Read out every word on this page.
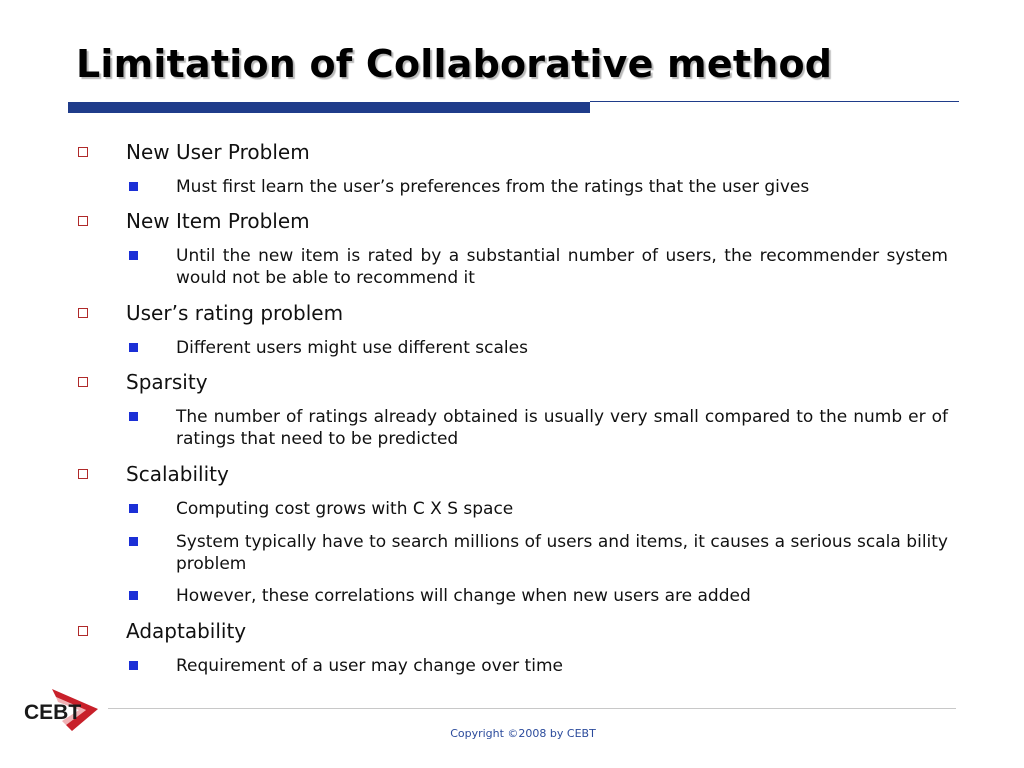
Limitation of Collaborative method
New User Problem
Must first learn the user’s preferences from the ratings that the user gives
New Item Problem
Until the new item is rated by a substantial number of users, the recommender system would not be able to recommend it
User’s rating problem
Different users might use different scales
Sparsity
The number of ratings already obtained is usually very small compared to the numb er of ratings that need to be predicted
Scalability
Computing cost grows with C X S space
System typically have to search millions of users and items, it causes a serious scala bility problem
However, these correlations will change when new users are added
Adaptability
Requirement of a user may change over time
CEBT
Copyright ©2008 by CEBT
